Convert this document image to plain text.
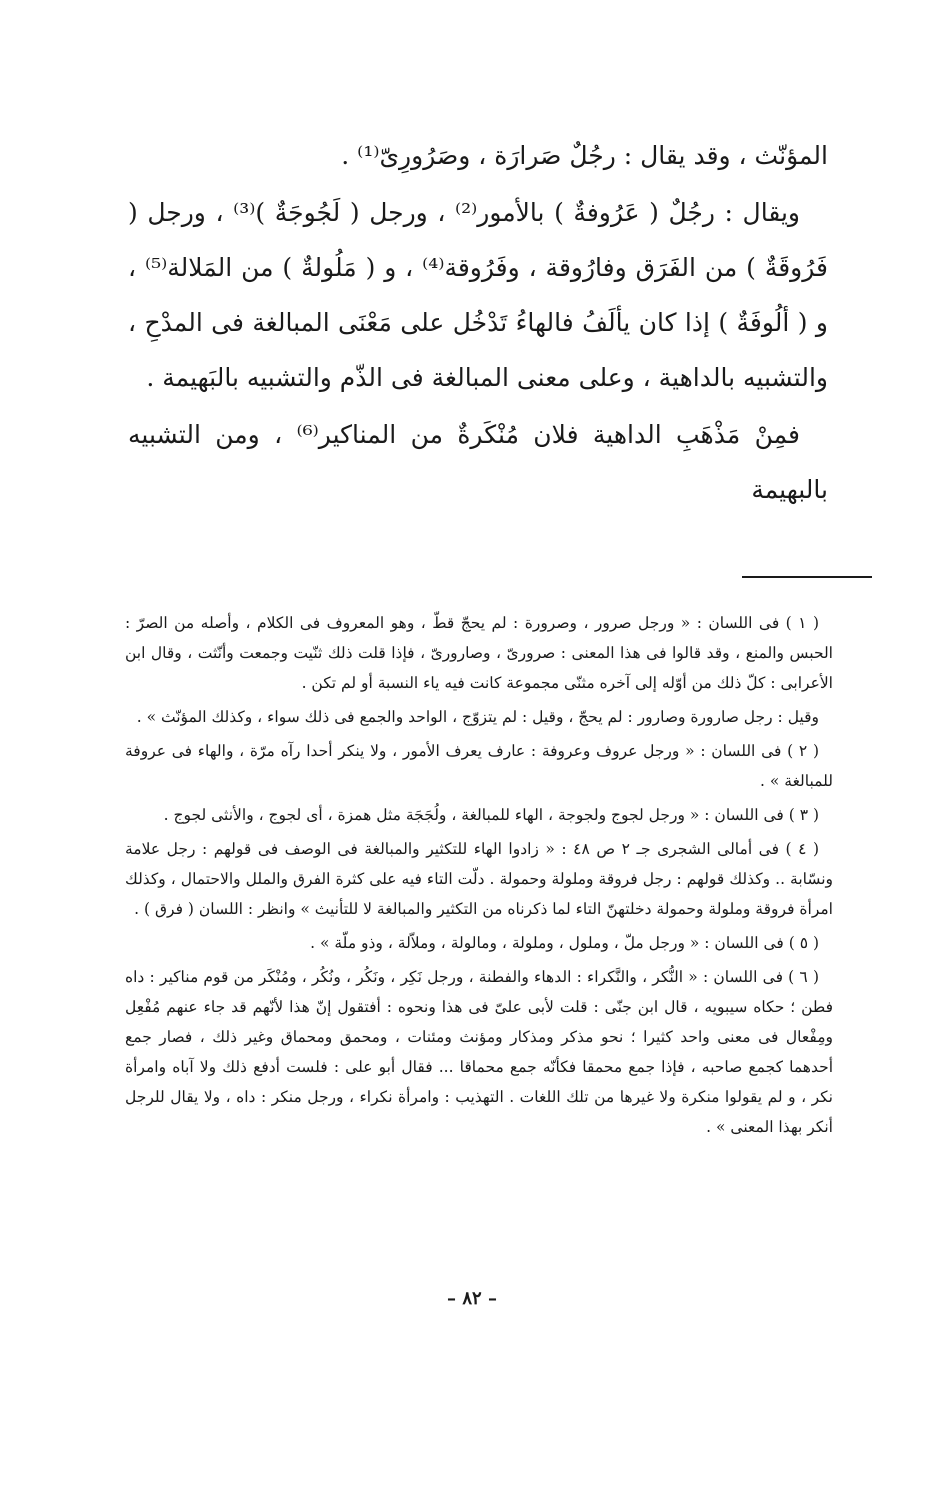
المؤنّث ، وقد يقال : رجُلٌ صَرارَة ، وصَرُورِىّ⁽¹⁾ .

ويقال : رجُلٌ ( عَرُوفةٌ ) بالأمور⁽²⁾ ، ورجل ( لَجُوجَةٌ )⁽³⁾ ، ورجل ( فَرُوقَةٌ ) من الفَرَق وفارُوقة ، وفَرُوقة⁽⁴⁾ ، و ( مَلُولةٌ ) من المَلالة⁽⁵⁾ ، و ( ألُوفَةٌ ) إذا كان يألَفُ فالهاءُ تَدْخُل على مَعْنَى المبالغة فى المدْحِ ، والتشبيه بالداهية ، وعلى معنى المبالغة فى الذّم والتشبيه بالبَهيمة .

فمِنْ مَذْهَبِ الداهية فلان مُنْكَرةٌ من المناكير⁽⁶⁾ ، ومن التشبيه بالبهيمة

( ١ ) فى اللسان : « ورجل صرور ، وصرورة : لم يحجّ قطّ ، وهو المعروف فى الكلام ، وأصله من الصرّ : الحبس والمنع ، وقد قالوا فى هذا المعنى : صرورىّ ، وصارورىّ ، فإذا قلت ذلك ثنّيت وجمعت وأنّثت ، وقال ابن الأعرابى : كلّ ذلك من أوّله إلى آخره مثنّى مجموعة كانت فيه ياء النسبة أو لم تكن .

وقيل : رجل صارورة وصارور : لم يحجّ ، وقيل : لم يتزوّج ، الواحد والجمع فى ذلك سواء ، وكذلك المؤنّث » .

( ٢ ) فى اللسان : « ورجل عروف وعروفة : عارف يعرف الأمور ، ولا ينكر أحدا رآه مرّة ، والهاء فى عروفة للمبالغة » .

( ٣ ) فى اللسان : « ورجل لجوج ولجوجة ، الهاء للمبالغة ، ولُجَجَة مثل همزة ، أى لجوج ، والأنثى لجوج .

( ٤ ) فى أمالى الشجرى جـ ٢ ص ٤٨ : « زادوا الهاء للتكثير والمبالغة فى الوصف فى قولهم : رجل علامة ونسّابة .. وكذلك قولهم : رجل فروقة وملولة وحمولة . دلّت التاء فيه على كثرة الفرق والملل والاحتمال ، وكذلك امرأة فروقة وملولة وحمولة دخلتهنّ التاء لما ذكرناه من التكثير والمبالغة لا للتأنيث » وانظر : اللسان ( فرق ) .

( ٥ ) فى اللسان : « ورجل ملّ ، وملول ، وملولة ، ومالولة ، وملاّلة ، وذو ملّة » .

( ٦ ) فى اللسان : « النُّكر ، والنَّكراء : الدهاء والفطنة ، ورجل نَكِر ، ونَكُر ، ونُكُر ، ومُنْكَر من قوم مناكير : داه فطن ؛ حكاه سيبويه ، قال ابن جنّى : قلت لأبى علىّ فى هذا ونحوه : أفتقول إنّ هذا لأنّهم قد جاء عنهم مُفْعِل ومِفْعال فى معنى واحد كثيرا ؛ نحو مذكر ومذكار ومؤنث ومئنات ، ومحمق ومحماق وغير ذلك ، فصار جمع أحدهما كجمع صاحبه ، فإذا جمع محمقا فكأنّه جمع محماقا ... فقال أبو على : فلست أدفع ذلك ولا آباه وامرأة نكر ، و لم يقولوا منكرة ولا غيرها من تلك اللغات . التهذيب : وامرأة نكراء ، ورجل منكر : داه ، ولا يقال للرجل أنكر بهذا المعنى » .

– ٨٢ –
